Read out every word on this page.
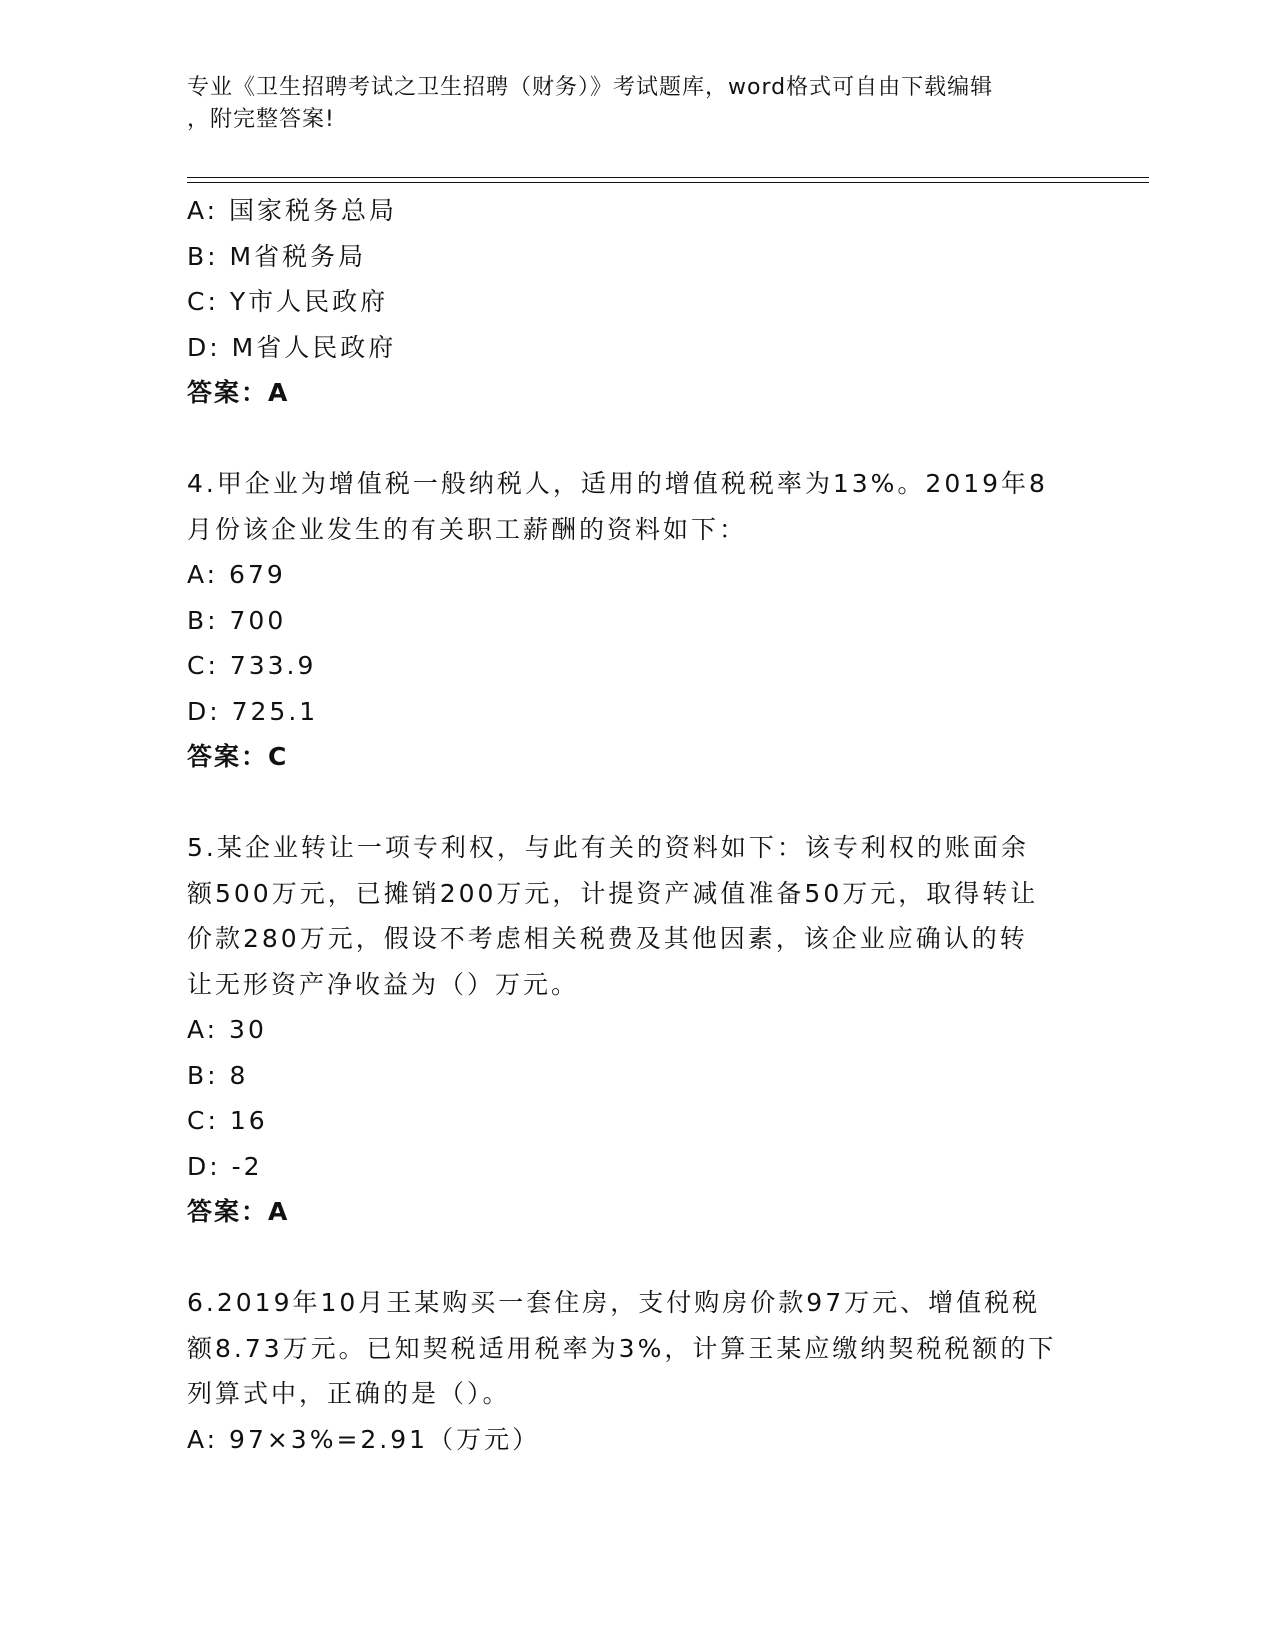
专业《卫生招聘考试之卫生招聘（财务）》考试题库，word格式可自由下载编辑
，附完整答案!
A: 国家税务总局
B: M省税务局
C: Y市人民政府
D: M省人民政府
答案：A
4.甲企业为增值税一般纳税人，适用的增值税税率为13%。2019年8
月份该企业发生的有关职工薪酬的资料如下：
A: 679
B: 700
C: 733.9
D: 725.1
答案：C
5.某企业转让一项专利权，与此有关的资料如下：该专利权的账面余
额500万元，已摊销200万元，计提资产减值准备50万元，取得转让
价款280万元，假设不考虑相关税费及其他因素，该企业应确认的转
让无形资产净收益为（）万元。
A: 30
B: 8
C: 16
D: -2
答案：A
6.2019年10月王某购买一套住房，支付购房价款97万元、增值税税
额8.73万元。已知契税适用税率为3%，计算王某应缴纳契税税额的下
列算式中，正确的是（）。
A: 97×3%=2.91（万元）
